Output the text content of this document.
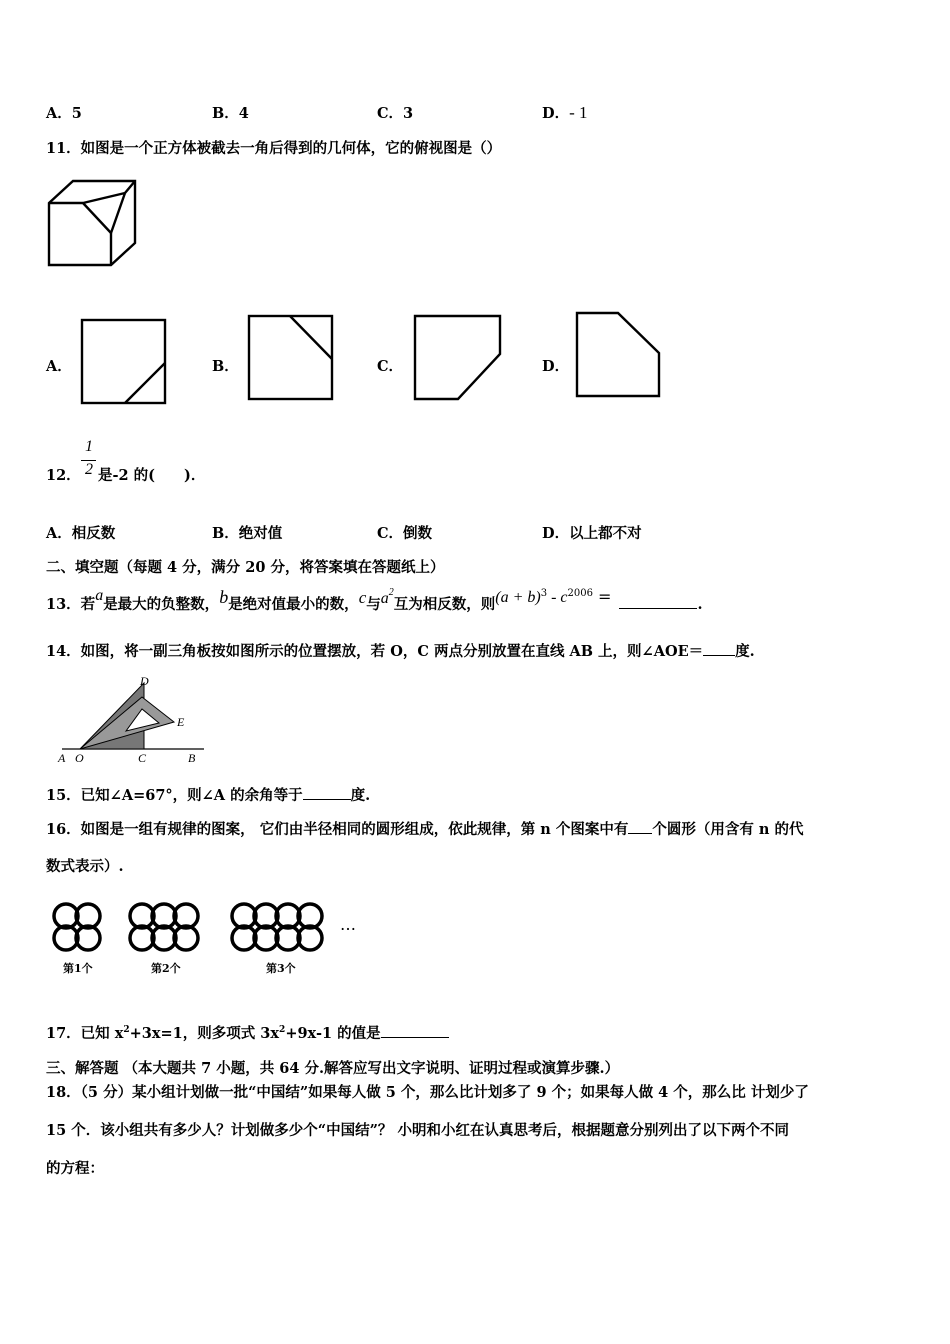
A．5	B．4	C．3	D．- 1
11．如图是一个正方体被截去一角后得到的几何体，它的俯视图是（）
A．	B．	C．	D．
12．
1
2 是-2 的(　　)．
A．相反数	B．绝对值	C．倒数	D．以上都不对
二、填空题（每题 4 分，满分 20 分，将答案填在答题纸上）
13．若a是最大的负整数，b是绝对值最小的数，c与$a^2$互为相反数，则$(a + b)^3 - c^{2006}$ =	.
14．如图，将一副三角板按如图所示的位置摆放，若 O，C 两点分别放置在直线 AB 上，则∠AOE＝ 度.
D
E
A O	C	B
15．已知∠A=67°，则∠A 的余角等于	度.
16．如图是一组有规律的图案， 它们由半径相同的圆形组成，依此规律，第 n 个图案中有 个圆形（用含有 n 的代
数式表示）.
…
第1个	第2个	第3个
17．已知 $x^2+3x=1$，则多项式 $3x^2+9x-1$ 的值是
三、解答题 （本大题共 7 小题，共 64 分.解答应写出文字说明、证明过程或演算步骤.）
18．（5 分）某小组计划做一批“中国结”如果每人做 5 个，那么比计划多了 9 个；如果每人做 4 个，那么比 计划少了
15 个．该小组共有多少人？计划做多少个“中国结”？ 小明和小红在认真思考后，根据题意分别列出了以下两个不同
的方程：
